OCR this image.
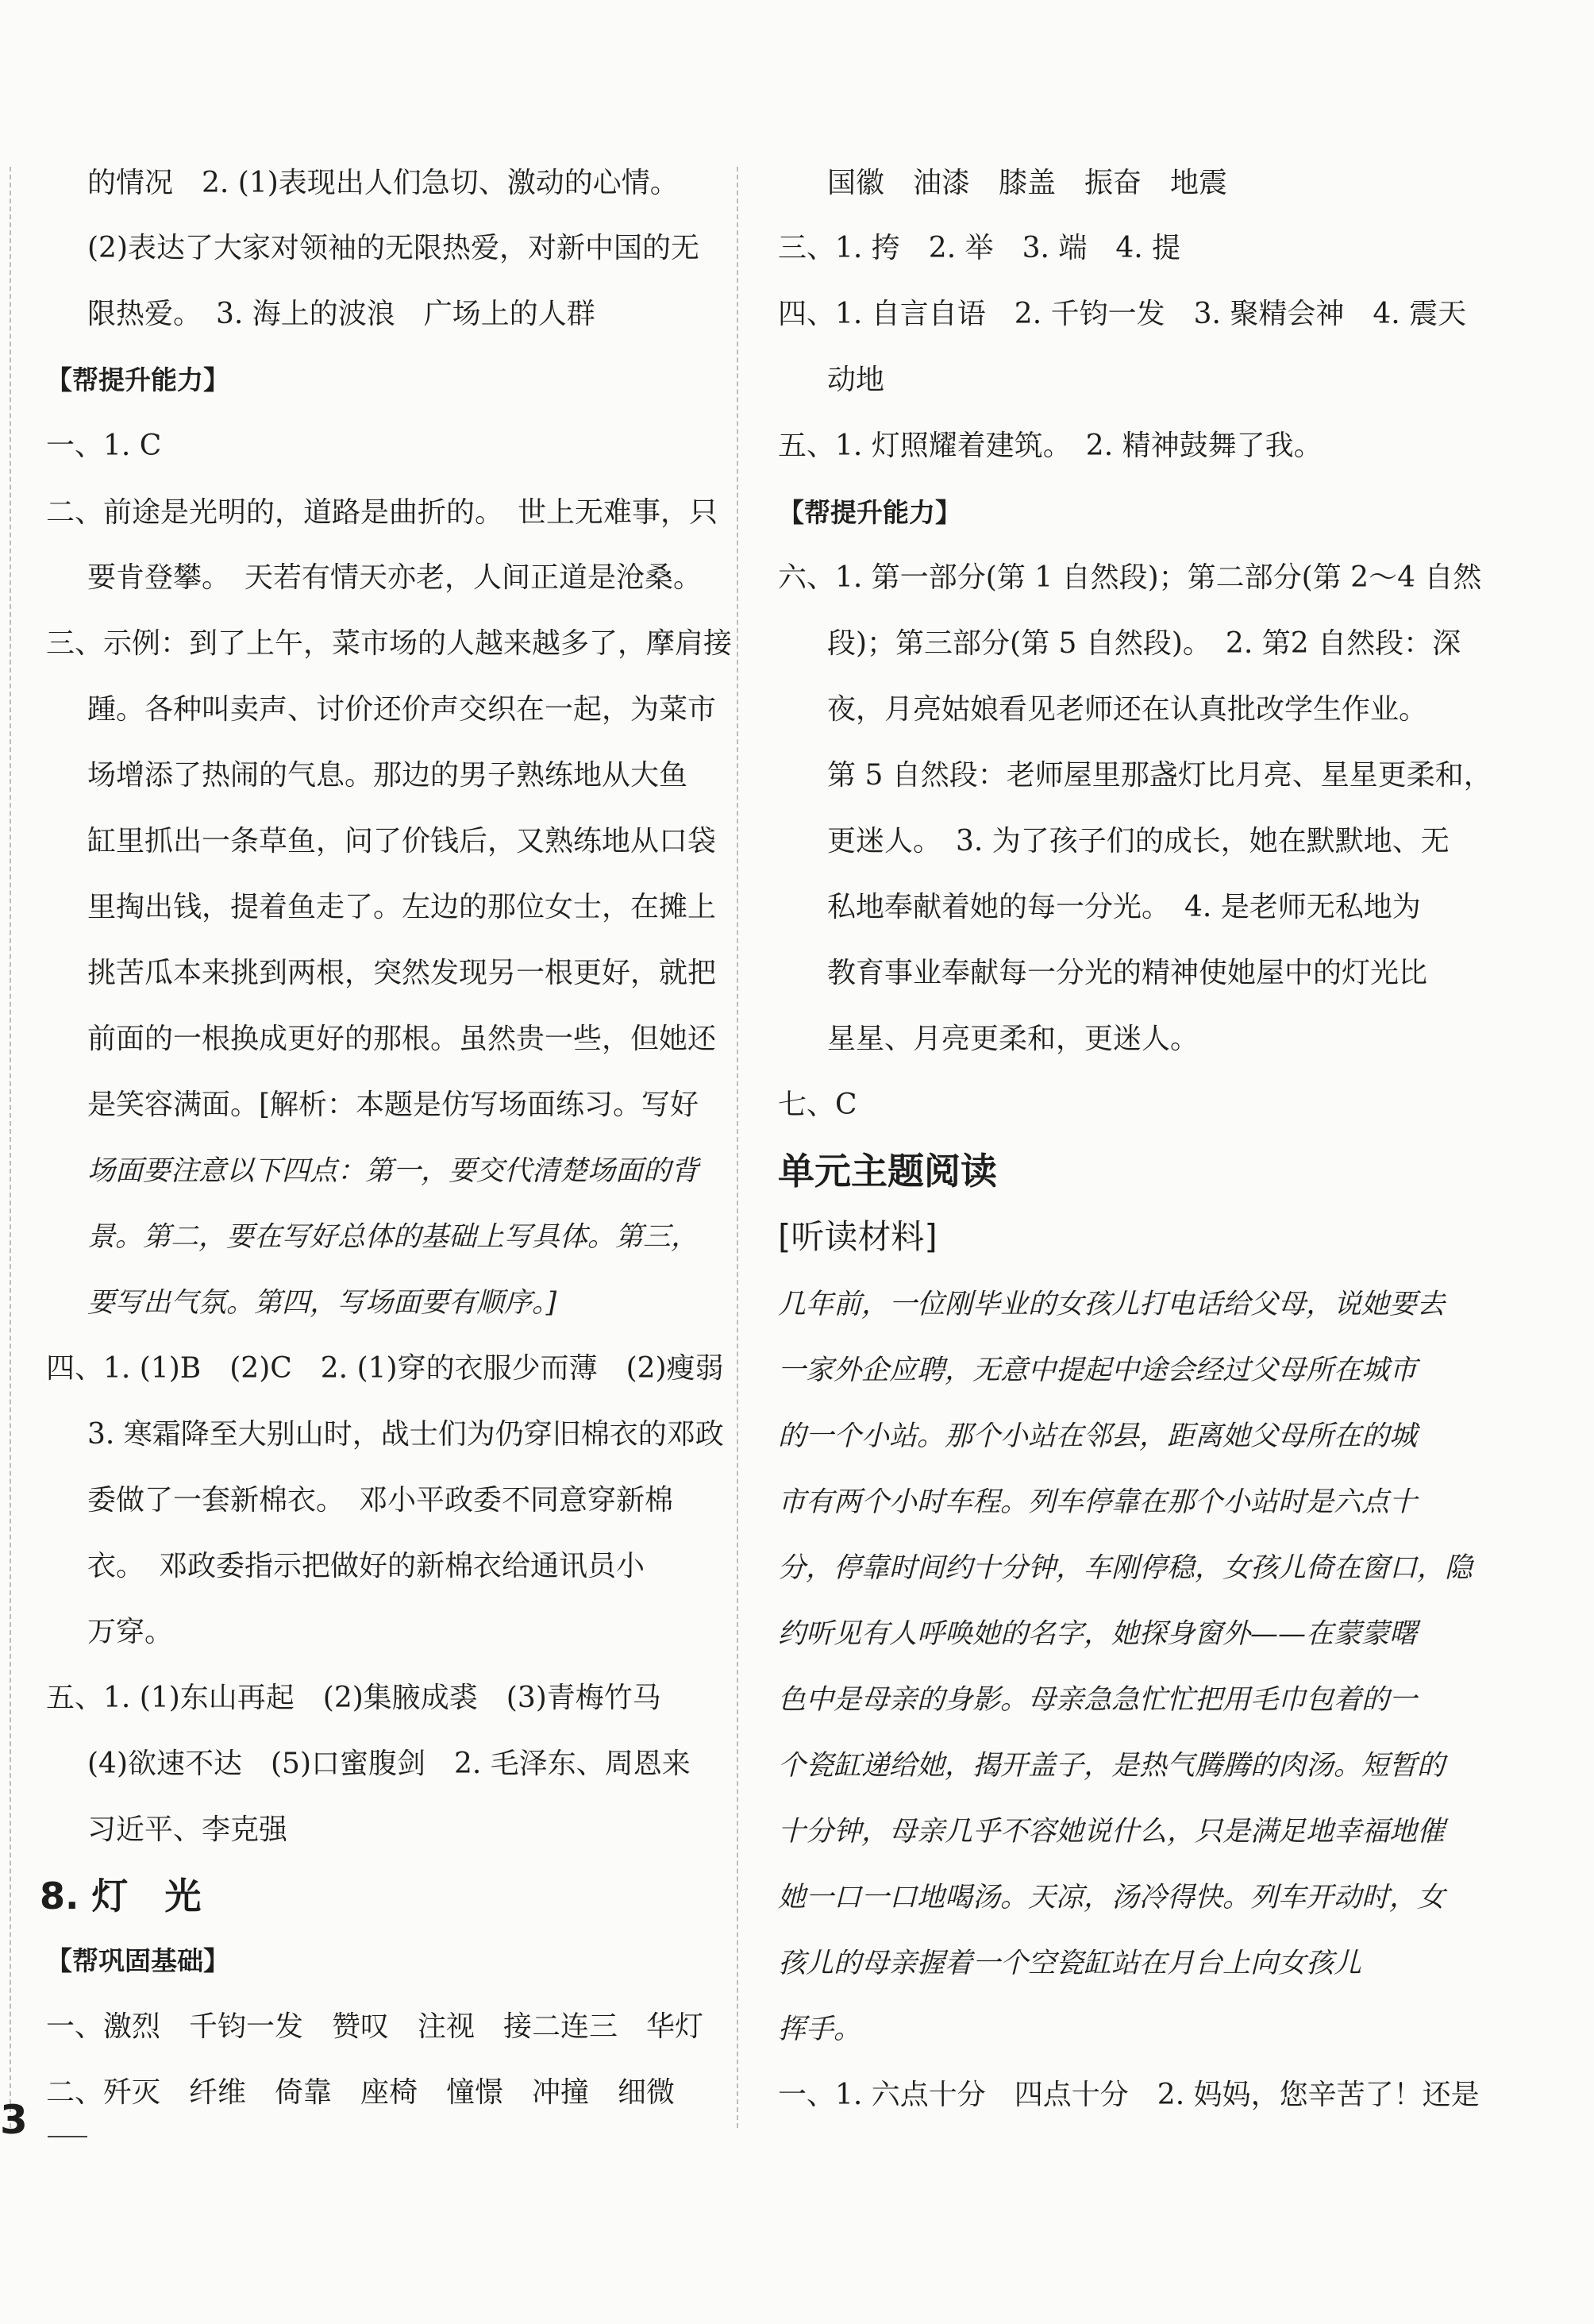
的情况　2. (1)表现出人们急切、激动的心情。
(2)表达了大家对领袖的无限热爱，对新中国的无
限热爱。　3. 海上的波浪　广场上的人群
【帮提升能力】
一、1. C
二、前途是光明的，道路是曲折的。　世上无难事，只
要肯登攀。　天若有情天亦老，人间正道是沧桑。
三、示例：到了上午，菜市场的人越来越多了，摩肩接
踵。各种叫卖声、讨价还价声交织在一起，为菜市
场增添了热闹的气息。那边的男子熟练地从大鱼
缸里抓出一条草鱼，问了价钱后，又熟练地从口袋
里掏出钱，提着鱼走了。左边的那位女士，在摊上
挑苦瓜本来挑到两根，突然发现另一根更好，就把
前面的一根换成更好的那根。虽然贵一些，但她还
是笑容满面。[解析：本题是仿写场面练习。写好
场面要注意以下四点：第一，要交代清楚场面的背
景。第二，要在写好总体的基础上写具体。第三，
要写出气氛。第四，写场面要有顺序。]
四、1. (1)B　(2)C　2. (1)穿的衣服少而薄　(2)瘦弱
3. 寒霜降至大别山时，战士们为仍穿旧棉衣的邓政
委做了一套新棉衣。　邓小平政委不同意穿新棉
衣。　邓政委指示把做好的新棉衣给通讯员小
万穿。
五、1. (1)东山再起　(2)集腋成裘　(3)青梅竹马
(4)欲速不达　(5)口蜜腹剑　2. 毛泽东、周恩来
习近平、李克强
8. 灯　光
【帮巩固基础】
一、激烈　千钧一发　赞叹　注视　接二连三　华灯
二、歼灭　纤维　倚靠　座椅　憧憬　冲撞　细微
国徽　油漆　膝盖　振奋　地震
三、1. 挎　2. 举　3. 端　4. 提
四、1. 自言自语　2. 千钧一发　3. 聚精会神　4. 震天
动地
五、1. 灯照耀着建筑。　2. 精神鼓舞了我。
【帮提升能力】
六、1. 第一部分(第 1 自然段)；第二部分(第 2～4 自然
段)；第三部分(第 5 自然段)。　2. 第2 自然段：深
夜，月亮姑娘看见老师还在认真批改学生作业。
第 5 自然段：老师屋里那盏灯比月亮、星星更柔和，
更迷人。　3. 为了孩子们的成长，她在默默地、无
私地奉献着她的每一分光。　4. 是老师无私地为
教育事业奉献每一分光的精神使她屋中的灯光比
星星、月亮更柔和，更迷人。
七、C
单元主题阅读
[听读材料]
几年前，一位刚毕业的女孩儿打电话给父母，说她要去
一家外企应聘，无意中提起中途会经过父母所在城市
的一个小站。那个小站在邻县，距离她父母所在的城
市有两个小时车程。列车停靠在那个小站时是六点十
分，停靠时间约十分钟，车刚停稳，女孩儿倚在窗口，隐
约听见有人呼唤她的名字，她探身窗外——在蒙蒙曙
色中是母亲的身影。母亲急急忙忙把用毛巾包着的一
个瓷缸递给她，揭开盖子，是热气腾腾的肉汤。短暂的
十分钟，母亲几乎不容她说什么，只是满足地幸福地催
她一口一口地喝汤。天凉，汤冷得快。列车开动时，女
孩儿的母亲握着一个空瓷缸站在月台上向女孩儿
挥手。
一、1. 六点十分　四点十分　2. 妈妈，您辛苦了！还是
3
